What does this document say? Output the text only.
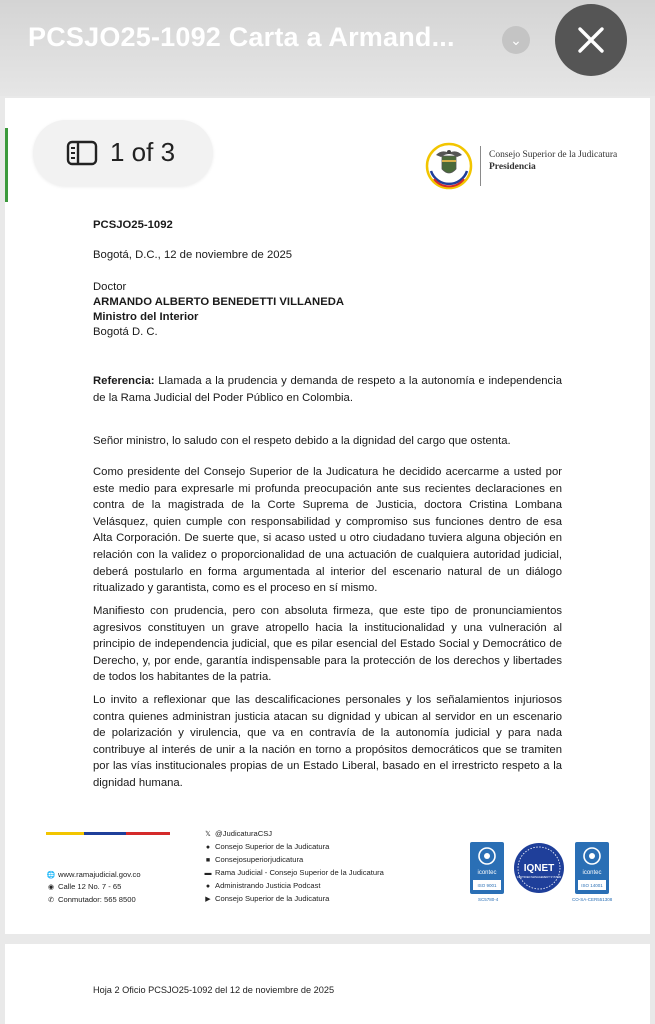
PCSJO25-1092 Carta a Armand...	⌄
1 of 3	Consejo Superior de la Judicatura
Presidencia
PCSJO25-1092
Bogotá, D.C., 12 de noviembre de 2025
Doctor
ARMANDO ALBERTO BENEDETTI VILLANEDA
Ministro del Interior
Bogotá D. C.
Referencia: Llamada a la prudencia y demanda de respeto a la autonomía e independencia de la Rama Judicial del Poder Público en Colombia.
Señor ministro, lo saludo con el respeto debido a la dignidad del cargo que ostenta.
Como presidente del Consejo Superior de la Judicatura he decidido acercarme a usted por este medio para expresarle mi profunda preocupación ante sus recientes declaraciones en contra de la magistrada de la Corte Suprema de Justicia, doctora Cristina Lombana Velásquez, quien cumple con responsabilidad y compromiso sus funciones dentro de esa Alta Corporación. De suerte que, si acaso usted u otro ciudadano tuviera alguna objeción en relación con la validez o proporcionalidad de una actuación de cualquiera autoridad judicial, deberá postularlo en forma argumentada al interior del escenario natural de un diálogo ritualizado y garantista, como es el proceso en sí mismo.
Manifiesto con prudencia, pero con absoluta firmeza, que este tipo de pronunciamientos agresivos constituyen un grave atropello hacia la institucionalidad y una vulneración al principio de independencia judicial, que es pilar esencial del Estado Social y Democrático de Derecho, y, por ende, garantía indispensable para la protección de los derechos y libertades de todos los habitantes de la patria.
Lo invito a reflexionar que las descalificaciones personales y los señalamientos injuriosos contra quienes administran justicia atacan su dignidad y ubican al servidor en un escenario de polarización y virulencia, que va en contravía de la autonomía judicial y para nada contribuye al interés de unir a la nación en torno a propósitos democráticos que se tramiten por las vías institucionales propias de un Estado Liberal, basado en el irrestricto respeto a la dignidad humana.
🌐 www.ramajudicial.gov.co
◉ Calle 12 No. 7 - 65
✆ Conmutador: 565 8500
𝕏 @JudicaturaCSJ
● Consejo Superior de la Judicatura
■ Consejosuperiorjudicatura
▬ Rama Judicial - Consejo Superior de la Judicatura
● Administrando Justicia Podcast
▶ Consejo Superior de la Judicatura
icontec
ISO 9001
SC5780-4
IQNET
CERTIFIED MANAGEMENT SYSTEM
icontec
ISO 14001
CO-SA-CER551308
Hoja 2 Oficio PCSJO25-1092 del 12 de noviembre de 2025
